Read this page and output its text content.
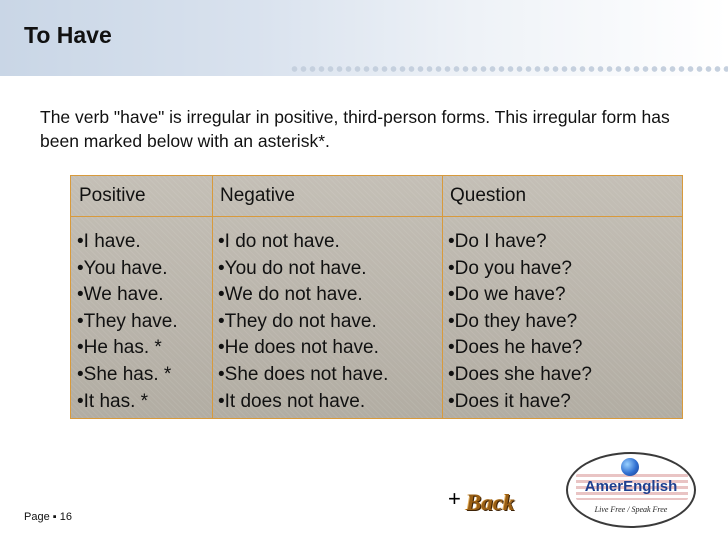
To Have

The verb "have" is irregular in positive, third-person forms. This irregular form has been marked below with an asterisk*.

Positive
•I have.
•You have.
•We have.
•They have.
•He has. *
•She has. *
•It has. *
Negative
•I do not have.
•You do not have.
•We do not have.
•They do not have.
•He does not have.
•She does not have.
•It does not have.
Question
•Do I have?
•Do you have?
•Do we have?
•Do they have?
•Does he have?
•Does she have?
•Does it have?
+ Back
AmerEnglish
Live Free / Speak Free
Page ▪ 16
